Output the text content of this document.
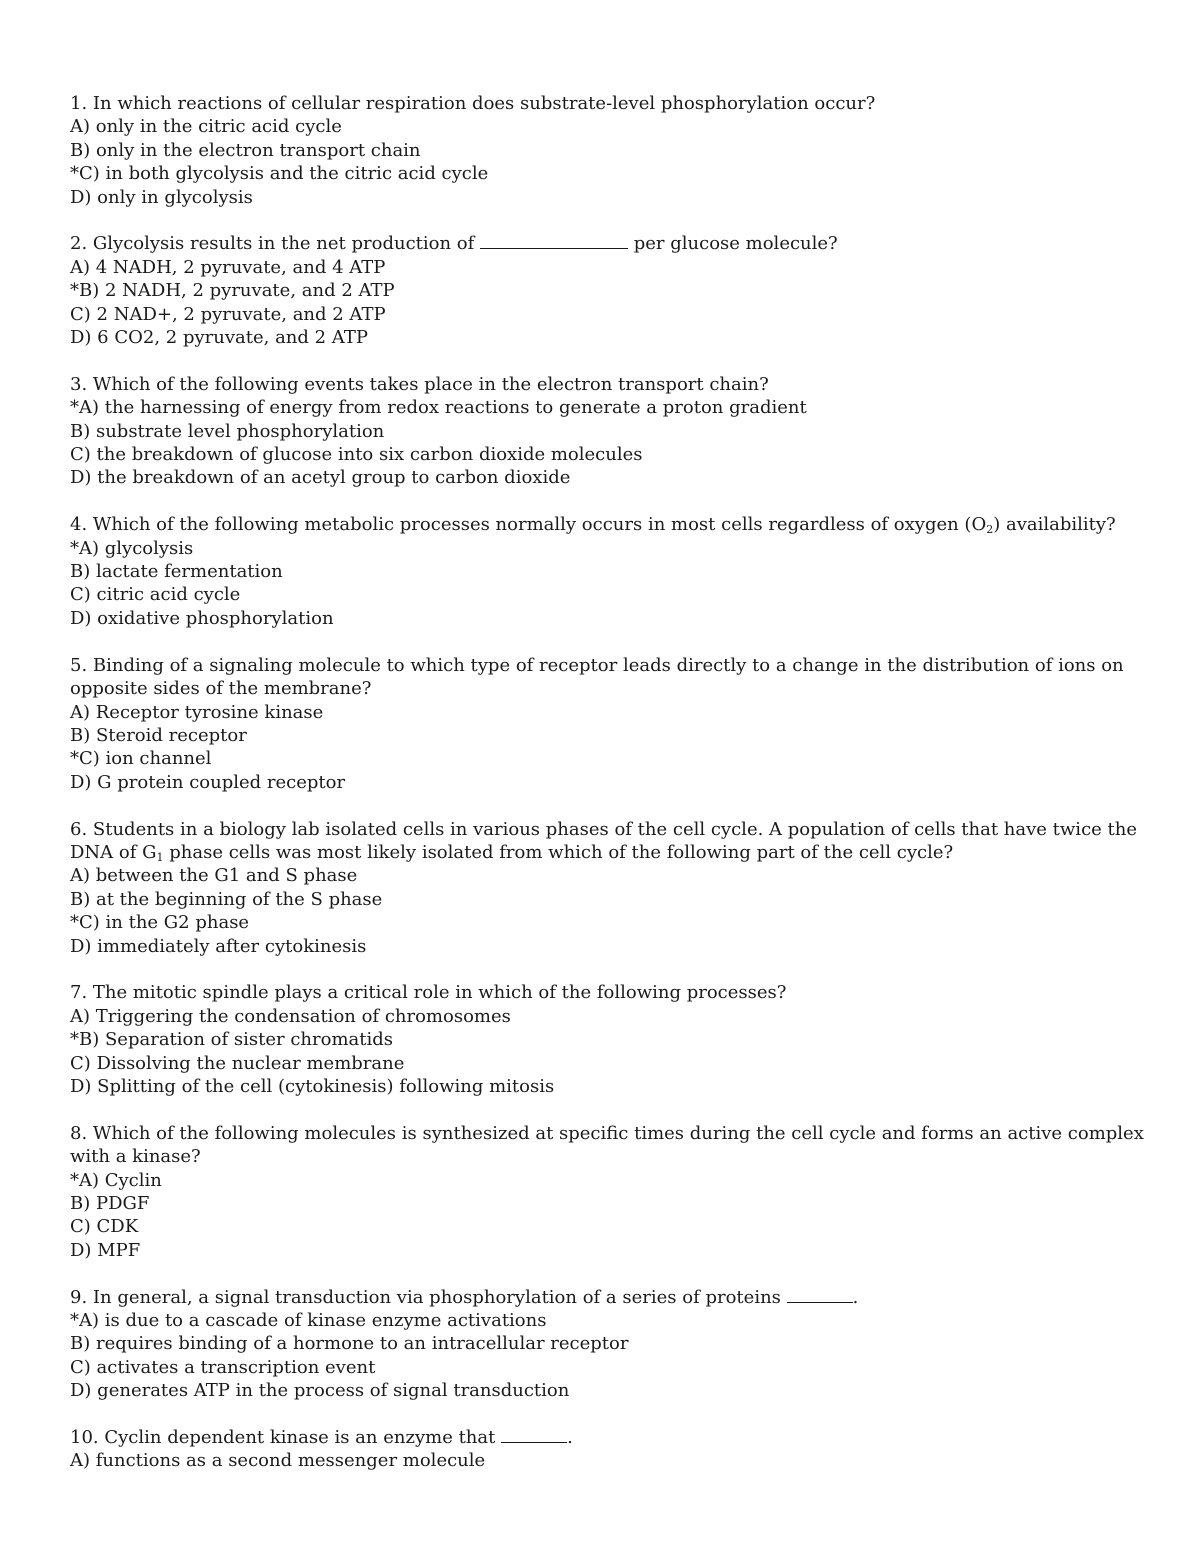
1. In which reactions of cellular respiration does substrate-level phosphorylation occur?
A) only in the citric acid cycle
B) only in the electron transport chain
*C) in both glycolysis and the citric acid cycle
D) only in glycolysis
2. Glycolysis results in the net production of	per glucose molecule?
A) 4 NADH, 2 pyruvate, and 4 ATP
*B) 2 NADH, 2 pyruvate, and 2 ATP
C) 2 NAD+, 2 pyruvate, and 2 ATP
D) 6 CO2, 2 pyruvate, and 2 ATP
3. Which of the following events takes place in the electron transport chain?
*A) the harnessing of energy from redox reactions to generate a proton gradient
B) substrate level phosphorylation
C) the breakdown of glucose into six carbon dioxide molecules
D) the breakdown of an acetyl group to carbon dioxide
4. Which of the following metabolic processes normally occurs in most cells regardless of oxygen $(O_2)$ availability?
*A) glycolysis
B) lactate fermentation
C) citric acid cycle
D) oxidative phosphorylation
5. Binding of a signaling molecule to which type of receptor leads directly to a change in the distribution of ions on opposite sides of the membrane?
A) Receptor tyrosine kinase
B) Steroid receptor
*C) ion channel
D) G protein coupled receptor
6. Students in a biology lab isolated cells in various phases of the cell cycle. A population of cells that have twice the DNA of $G_1$ phase cells was most likely isolated from which of the following part of the cell cycle?
A) between the G1 and S phase
B) at the beginning of the S phase
*C) in the G2 phase
D) immediately after cytokinesis
7. The mitotic spindle plays a critical role in which of the following processes?
A) Triggering the condensation of chromosomes
*B) Separation of sister chromatids
C) Dissolving the nuclear membrane
D) Splitting of the cell (cytokinesis) following mitosis
8. Which of the following molecules is synthesized at specific times during the cell cycle and forms an active complex with a kinase?
*A) Cyclin
B) PDGF
C) CDK
D) MPF
9. In general, a signal transduction via phosphorylation of a series of proteins	.
*A) is due to a cascade of kinase enzyme activations
B) requires binding of a hormone to an intracellular receptor
C) activates a transcription event
D) generates ATP in the process of signal transduction
10. Cyclin dependent kinase is an enzyme that	.
A) functions as a second messenger molecule
